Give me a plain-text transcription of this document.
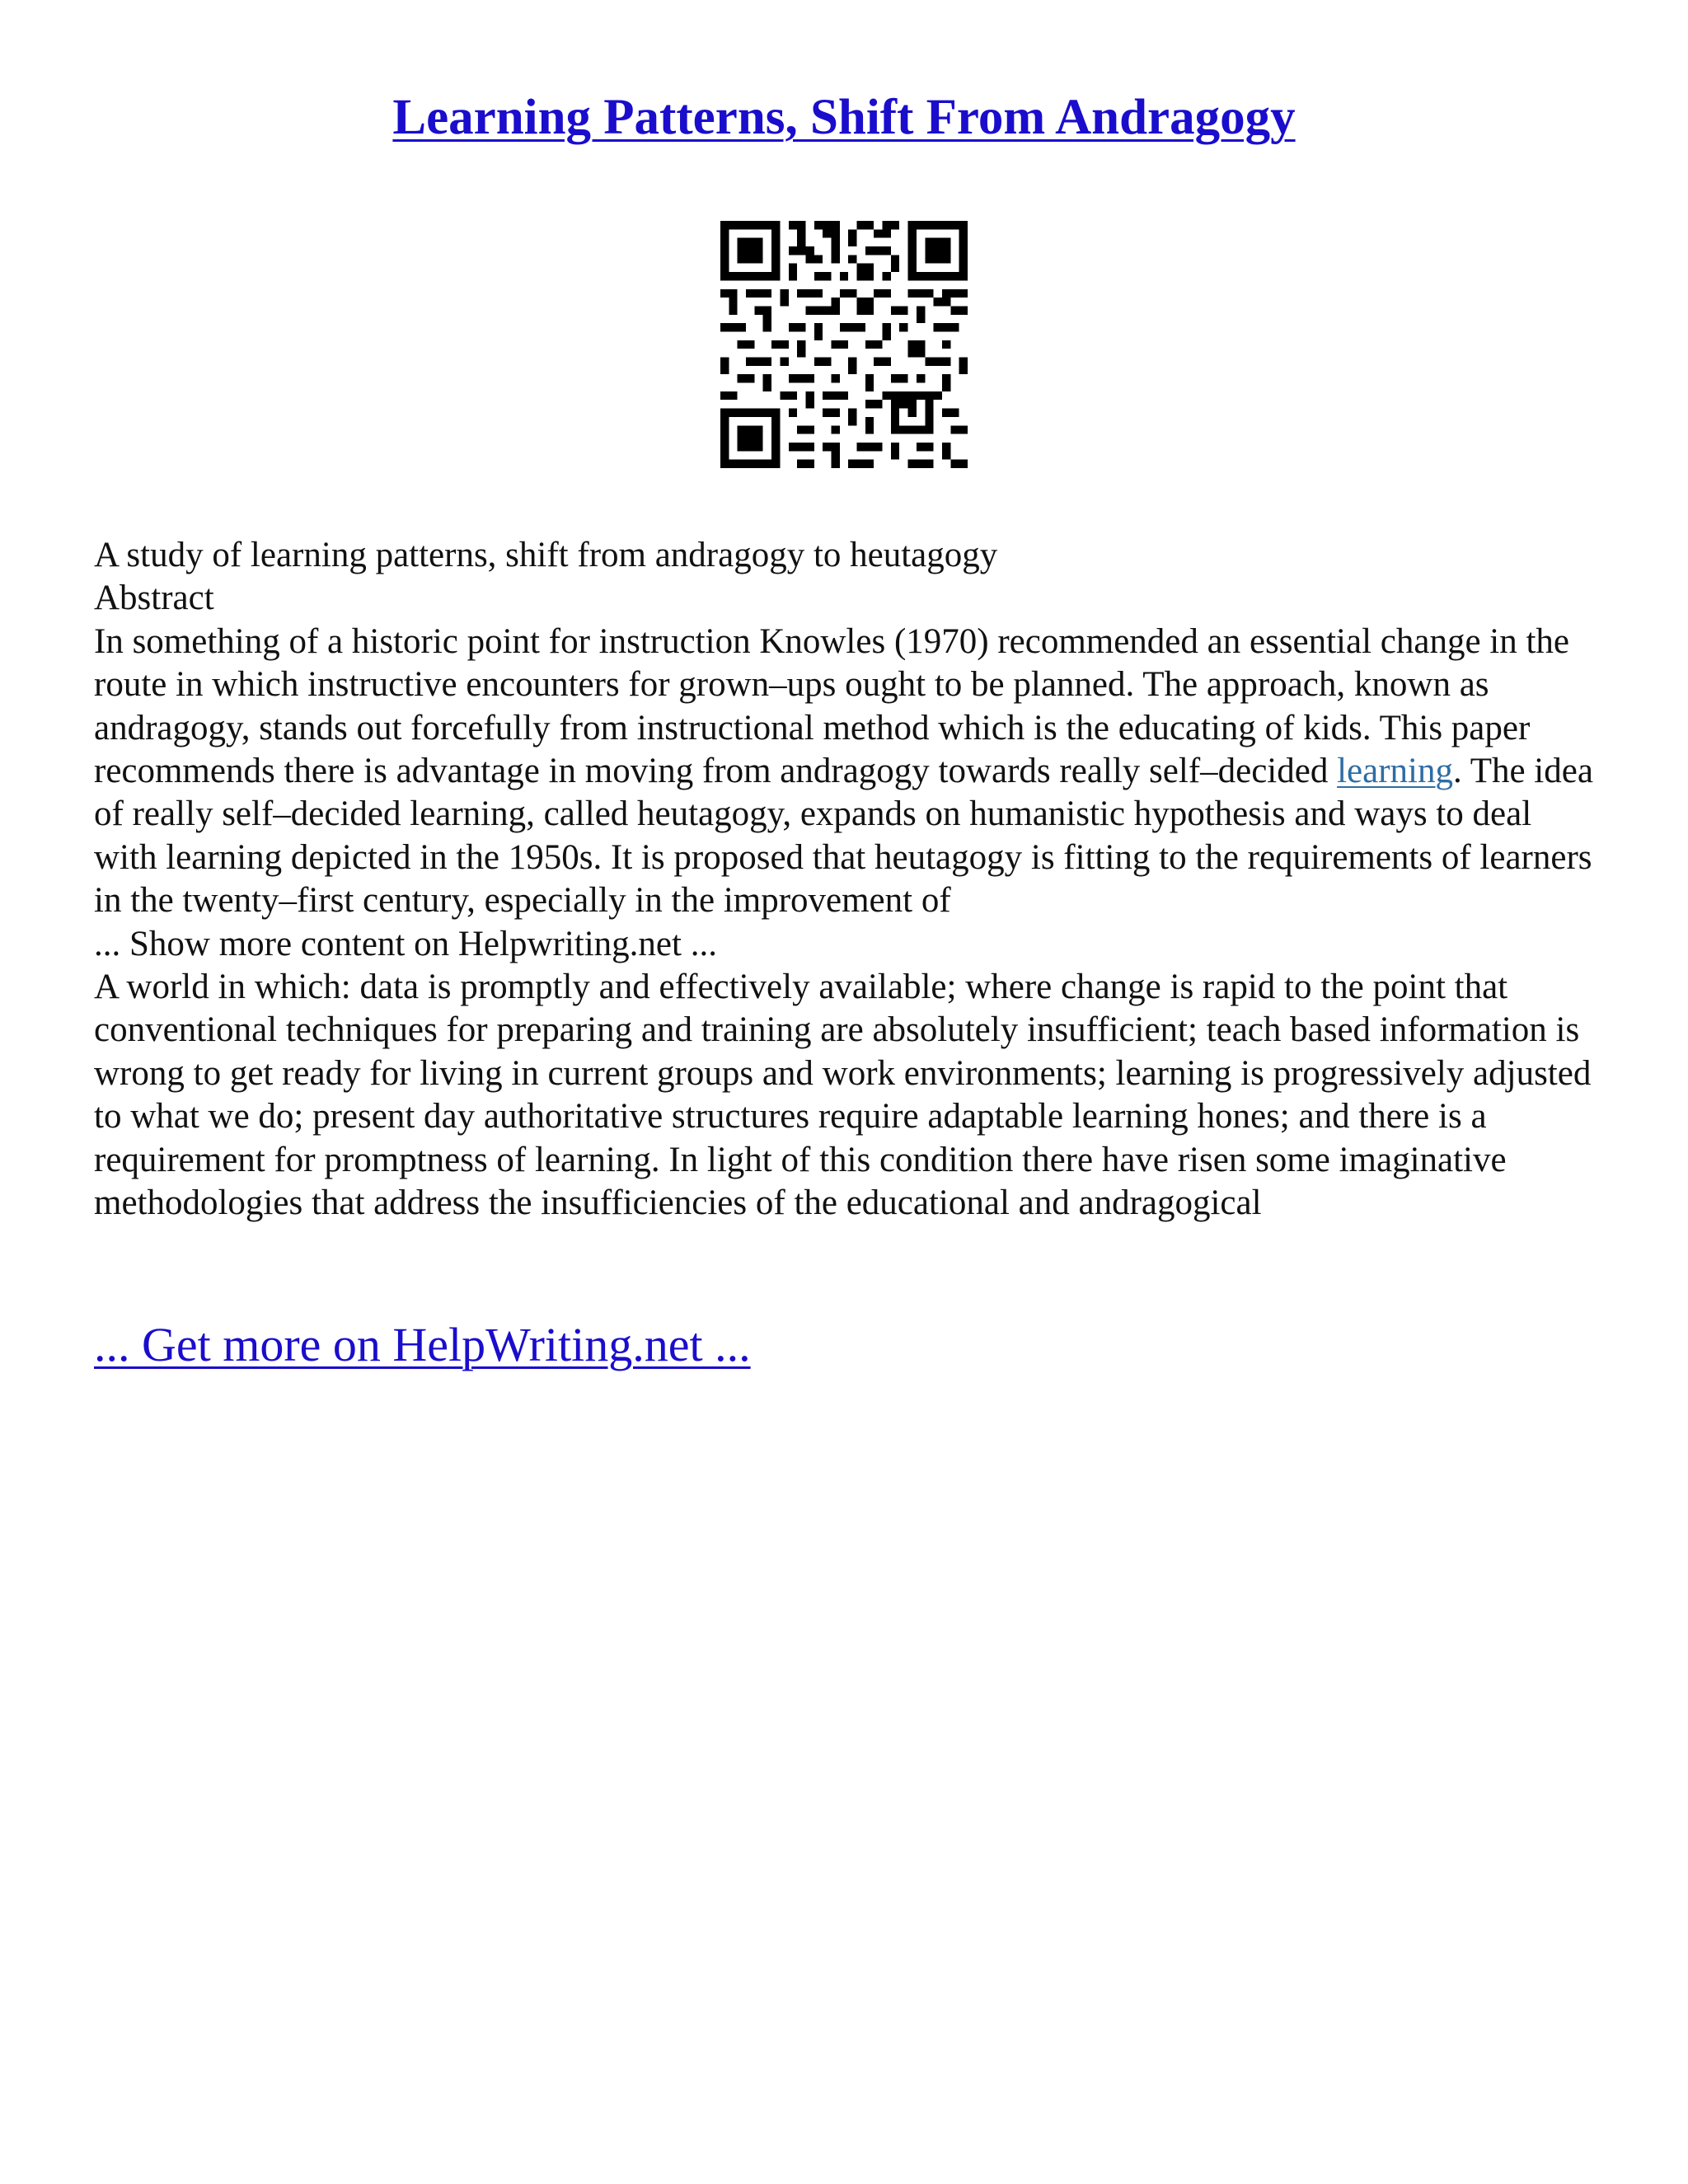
Learning Patterns, Shift From Andragogy

A study of learning patterns, shift from andragogy to heutagogy

Abstract

In something of a historic point for instruction Knowles (1970) recommended an essential change in the route in which instructive encounters for grown–ups ought to be planned. The approach, known as andragogy, stands out forcefully from instructional method which is the educating of kids. This paper recommends there is advantage in moving from andragogy towards really self–decided learning. The idea of really self–decided learning, called heutagogy, expands on humanistic hypothesis and ways to deal with learning depicted in the 1950s. It is proposed that heutagogy is fitting to the requirements of learners in the twenty–first century, especially in the improvement of

... Show more content on Helpwriting.net ...

A world in which: data is promptly and effectively available; where change is rapid to the point that conventional techniques for preparing and training are absolutely insufficient; teach based information is wrong to get ready for living in current groups and work environments; learning is progressively adjusted to what we do; present day authoritative structures require adaptable learning hones; and there is a requirement for promptness of learning. In light of this condition there have risen some imaginative methodologies that address the insufficiencies of the educational and andragogical

... Get more on HelpWriting.net ...
